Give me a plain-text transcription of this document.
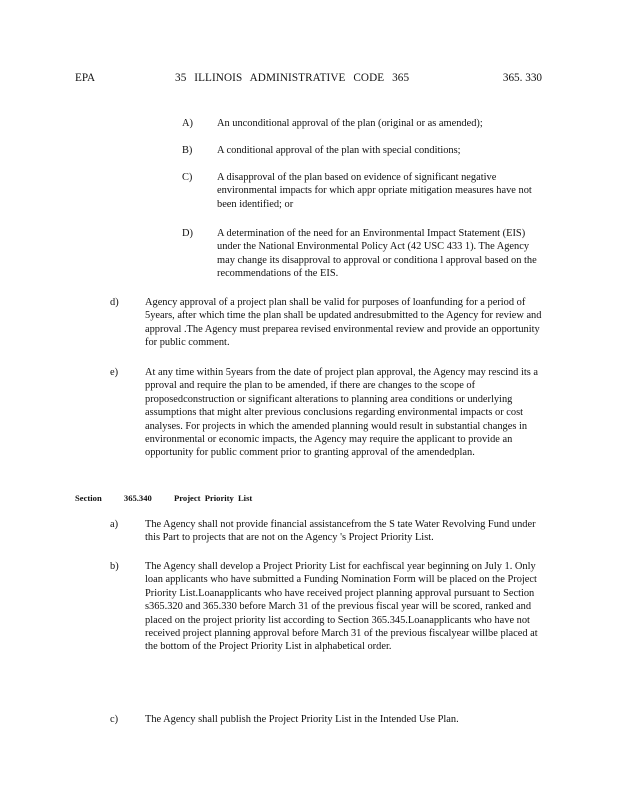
EPA	35 ILLINOIS ADMINISTRATIVE CODE 365	365. 330
A) An unconditional approval of the plan (original or as amended);
B) A conditional approval of the plan with special conditions;
C) A disapproval of the plan based on evidence of significant negative environmental impacts for which appr opriate mitigation measures have not been identified; or
D) A determination of the need for an Environmental Impact Statement (EIS) under the National Environmental Policy Act (42 USC 433 1). The Agency may change its disapproval to approval or conditiona l approval based on the recommendations of the EIS.
d)	Agency approval of a project plan shall be valid for purposes of loanfunding for a period of 5years, after which time the plan shall be updated andresubmitted to the Agency for review and approval .The Agency must preparea revised environmental review and provide an opportunity for public comment.
e)	At any time within 5years from the date of project plan approval, the Agency may rescind its a pproval and require the plan to be amended, if there are changes to the scope of proposedconstruction or significant alterations to planning area conditions or underlying assumptions that might alter previous conclusions regarding environmental impacts or cost analyses. For projects in which the amended planning would result in substantial changes in environmental or economic impacts, the Agency may require the applicant to provide an opportunity for public comment prior to granting approval of the amendedplan.
Section	365.340	Project Priority List
a)	The Agency shall not provide financial assistancefrom the S tate Water Revolving Fund under this Part to projects that are not on the Agency 's Project Priority List.
b)	The Agency shall develop a Project Priority List for eachfiscal year beginning on July 1. Only loan applicants who have submitted a Funding Nomination Form will be placed on the Project Priority List.Loanapplicants who have received project planning approval pursuant to Section s365.320 and 365.330 before March 31 of the previous fiscal year will be scored, ranked and placed on the project priority list according to Section 365.345.Loanapplicants who have not received project planning approval before March 31 of the previous fiscalyear willbe placed at the bottom of the Project Priority List in alphabetical order.
c)	The Agency shall publish the Project Priority List in the Intended Use Plan.
